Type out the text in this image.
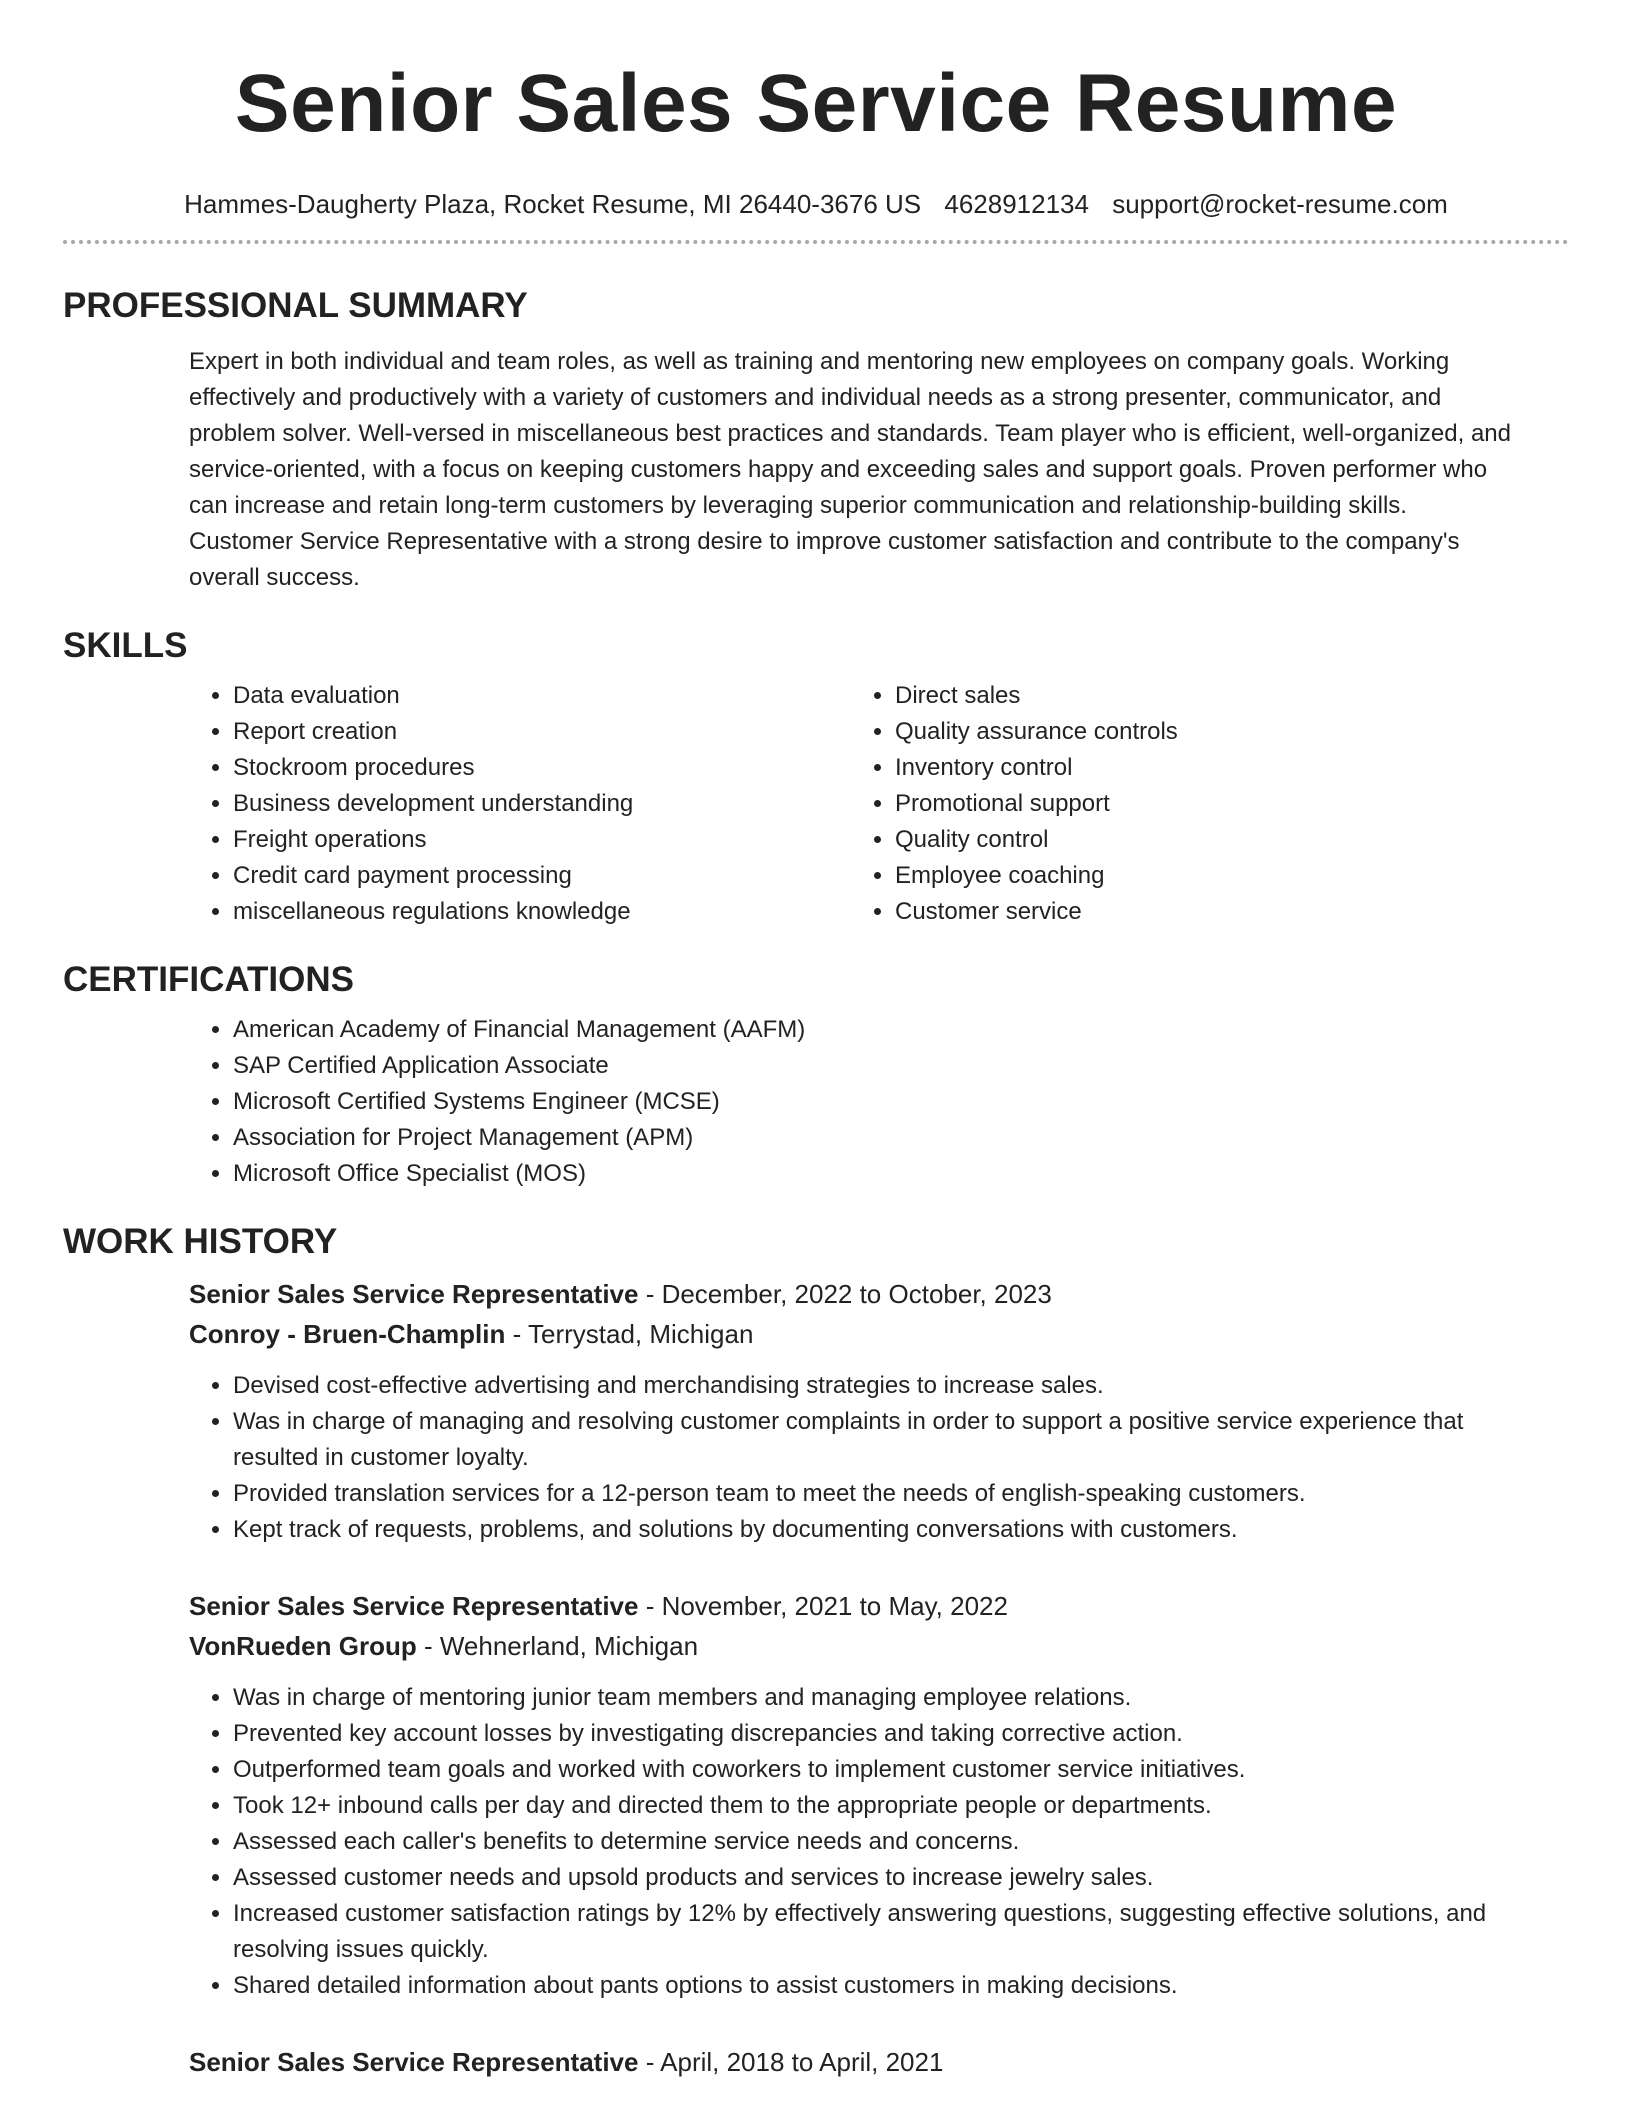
Senior Sales Service Resume
Hammes-Daugherty Plaza, Rocket Resume, MI 26440-3676 US 4628912134 support@rocket-resume.com
PROFESSIONAL SUMMARY

Expert in both individual and team roles, as well as training and mentoring new employees on company goals. Working effectively and productively with a variety of customers and individual needs as a strong presenter, communicator, and problem solver. Well-versed in miscellaneous best practices and standards. Team player who is efficient, well-organized, and service-oriented, with a focus on keeping customers happy and exceeding sales and support goals. Proven performer who can increase and retain long-term customers by leveraging superior communication and relationship-building skills. Customer Service Representative with a strong desire to improve customer satisfaction and contribute to the company's overall success.

SKILLS
• Data evaluation
• Report creation
• Stockroom procedures
• Business development understanding
• Freight operations
• Credit card payment processing
• miscellaneous regulations knowledge
• Direct sales
• Quality assurance controls
• Inventory control
• Promotional support
• Quality control
• Employee coaching
• Customer service
CERTIFICATIONS
• American Academy of Financial Management (AAFM)
• SAP Certified Application Associate
• Microsoft Certified Systems Engineer (MCSE)
• Association for Project Management (APM)
• Microsoft Office Specialist (MOS)
WORK HISTORY
Senior Sales Service Representative - December, 2022 to October, 2023
Conroy - Bruen-Champlin - Terrystad, Michigan
• Devised cost-effective advertising and merchandising strategies to increase sales.
• Was in charge of managing and resolving customer complaints in order to support a positive service experience that resulted in customer loyalty.
• Provided translation services for a 12-person team to meet the needs of english-speaking customers.
• Kept track of requests, problems, and solutions by documenting conversations with customers.
Senior Sales Service Representative - November, 2021 to May, 2022
VonRueden Group - Wehnerland, Michigan
• Was in charge of mentoring junior team members and managing employee relations.
• Prevented key account losses by investigating discrepancies and taking corrective action.
• Outperformed team goals and worked with coworkers to implement customer service initiatives.
• Took 12+ inbound calls per day and directed them to the appropriate people or departments.
• Assessed each caller's benefits to determine service needs and concerns.
• Assessed customer needs and upsold products and services to increase jewelry sales.
• Increased customer satisfaction ratings by 12% by effectively answering questions, suggesting effective solutions, and resolving issues quickly.
• Shared detailed information about pants options to assist customers in making decisions.
Senior Sales Service Representative - April, 2018 to April, 2021
